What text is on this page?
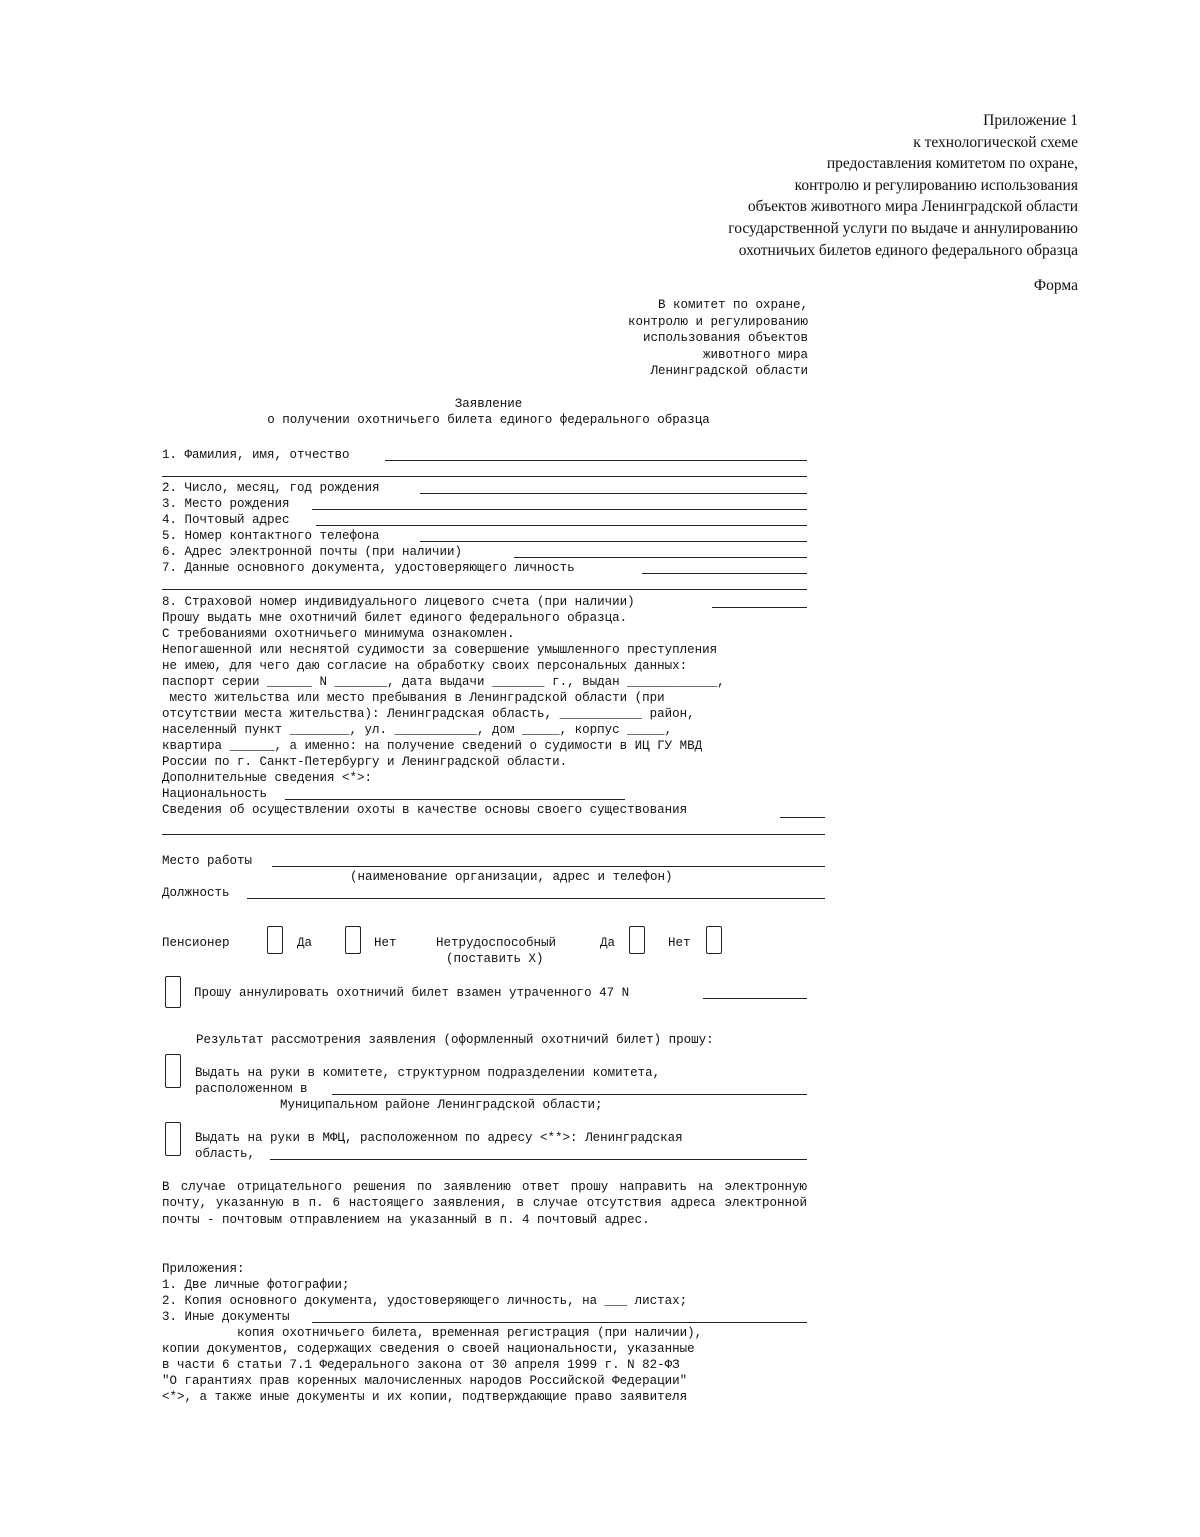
Приложение 1
к технологической схеме
предоставления комитетом по охране,
контролю и регулированию использования
объектов животного мира Ленинградской области
государственной услуги по выдаче и аннулированию
охотничьих билетов единого федерального образца
Форма
В комитет по охране,
контролю и регулированию
использования объектов
животного мира
Ленинградской области
Заявление
о получении охотничьего билета единого федерального образца
1. Фамилия, имя, отчество
2. Число, месяц, год рождения
3. Место рождения
4. Почтовый адрес
5. Номер контактного телефона
6. Адрес электронной почты (при наличии)
7. Данные основного документа, удостоверяющего личность
8. Страховой номер индивидуального лицевого счета (при наличии)
Прошу выдать мне охотничий билет единого федерального образца.
С требованиями охотничьего минимума ознакомлен.
Непогашенной или неснятой судимости за совершение умышленного преступления
не имею, для чего даю согласие на обработку своих персональных данных:
паспорт серии ______ N _______, дата выдачи _______ г., выдан ____________,
место жительства или место пребывания в Ленинградской области (при
отсутствии места жительства): Ленинградская область, ___________ район,
населенный пункт ________, ул. ___________, дом _____, корпус _____,
квартира ______, а именно: на получение сведений о судимости в ИЦ ГУ МВД
России по г. Санкт-Петербургу и Ленинградской области.
Дополнительные сведения <*>:
Национальность
Сведения об осуществлении охоты в качестве основы своего существования
Место работы
(наименование организации, адрес и телефон)
Должность
Пенсионер	Да	Нет	Нетрудоспособный
(поставить X)
Да	Нет
Прошу аннулировать охотничий билет взамен утраченного 47 N
Результат рассмотрения заявления (оформленный охотничий билет) прошу:
Выдать на руки в комитете, структурном подразделении комитета,
расположенном в
Муниципальном районе Ленинградской области;
Выдать на руки в МФЦ, расположенном по адресу <**>: Ленинградская
область,
В случае отрицательного решения по заявлению ответ прошу направить на электронную почту, указанную в п. 6 настоящего заявления, в случае отсутствия адреса электронной почты - почтовым отправлением на указанный в п. 4 почтовый адрес.
Приложения:
1. Две личные фотографии;
2. Копия основного документа, удостоверяющего личность, на ___ листах;
3. Иные документы
копия охотничьего билета, временная регистрация (при наличии),
копии документов, содержащих сведения о своей национальности, указанные
в части 6 статьи 7.1 Федерального закона от 30 апреля 1999 г. N 82-ФЗ
"О гарантиях прав коренных малочисленных народов Российской Федерации"
<*>, а также иные документы и их копии, подтверждающие право заявителя
